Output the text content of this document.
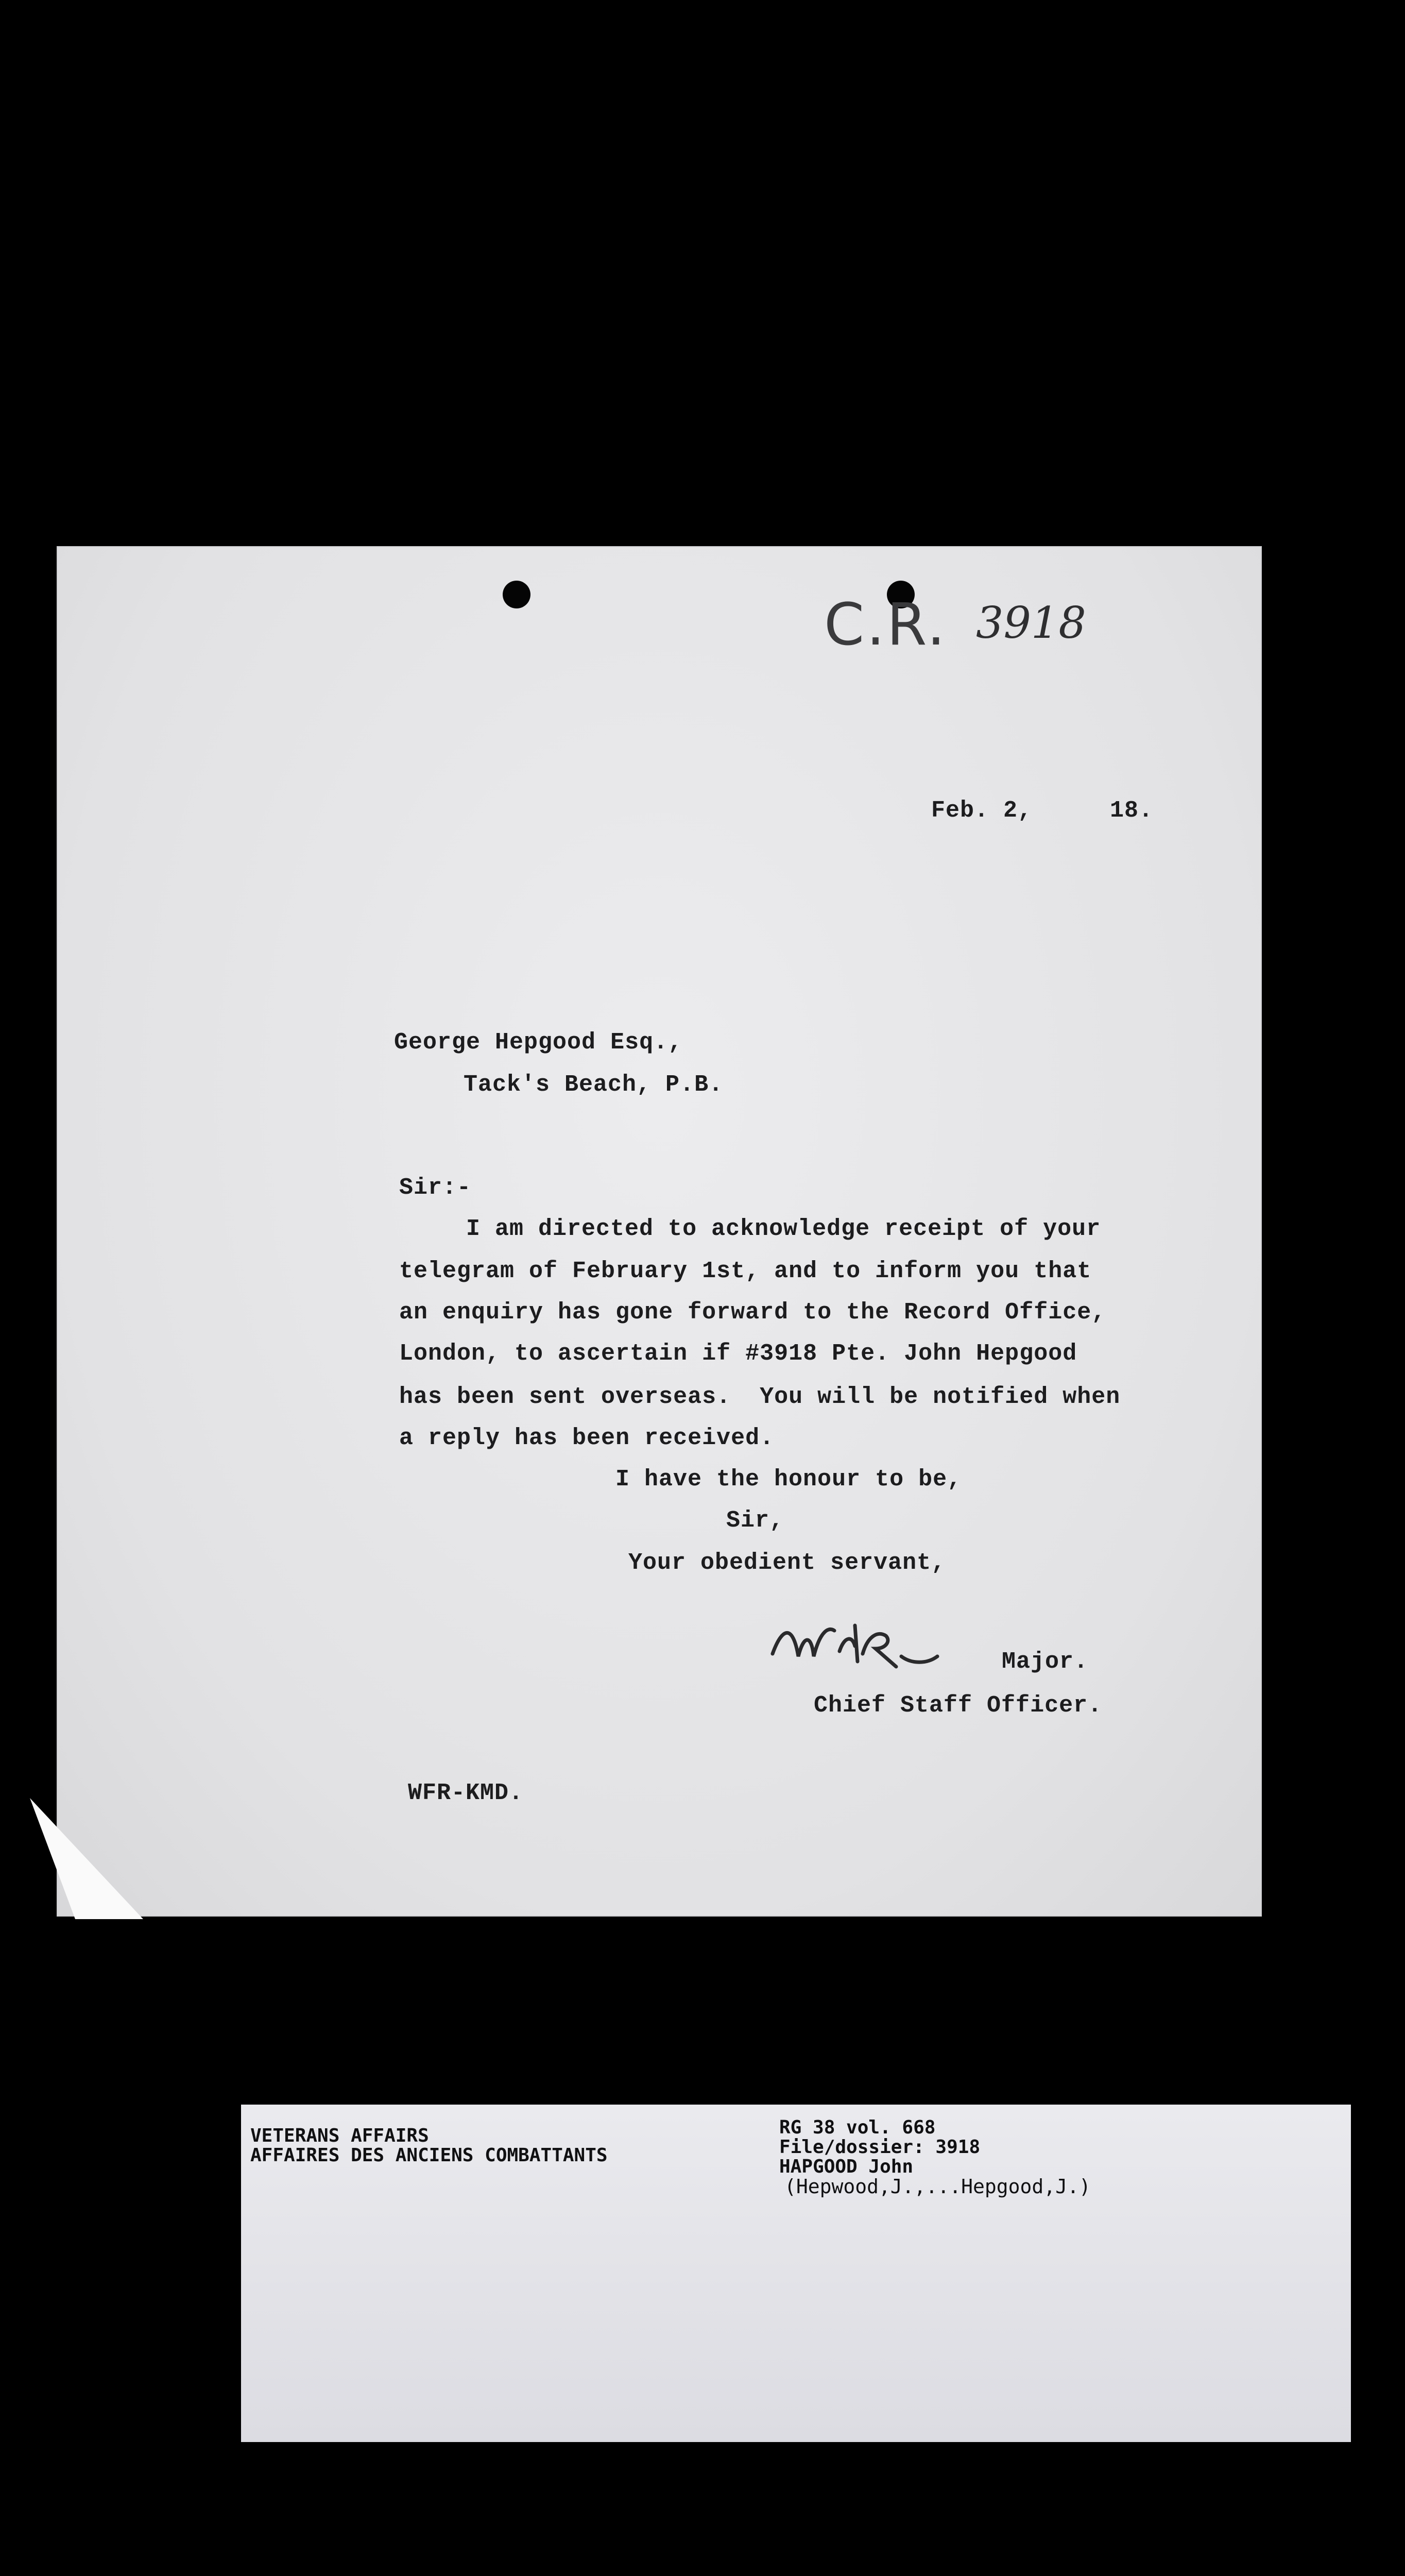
C.R. 3918
Feb. 2,	18.
George Hepgood Esq.,
Tack's Beach, P.B.
Sir:-
I am directed to acknowledge receipt of your
telegram of February 1st, and to inform you that
an enquiry has gone forward to the Record Office,
London, to ascertain if #3918 Pte. John Hepgood
has been sent overseas.  You will be notified when
a reply has been received.
I have the honour to be,
Sir,
Your obedient servant,
Major.
Chief Staff Officer.
WFR-KMD.
VETERANS AFFAIRS
AFFAIRES DES ANCIENS COMBATTANTS
RG 38 vol. 668
File/dossier: 3918
HAPGOOD John
(Hepwood,J.,...Hepgood,J.)
